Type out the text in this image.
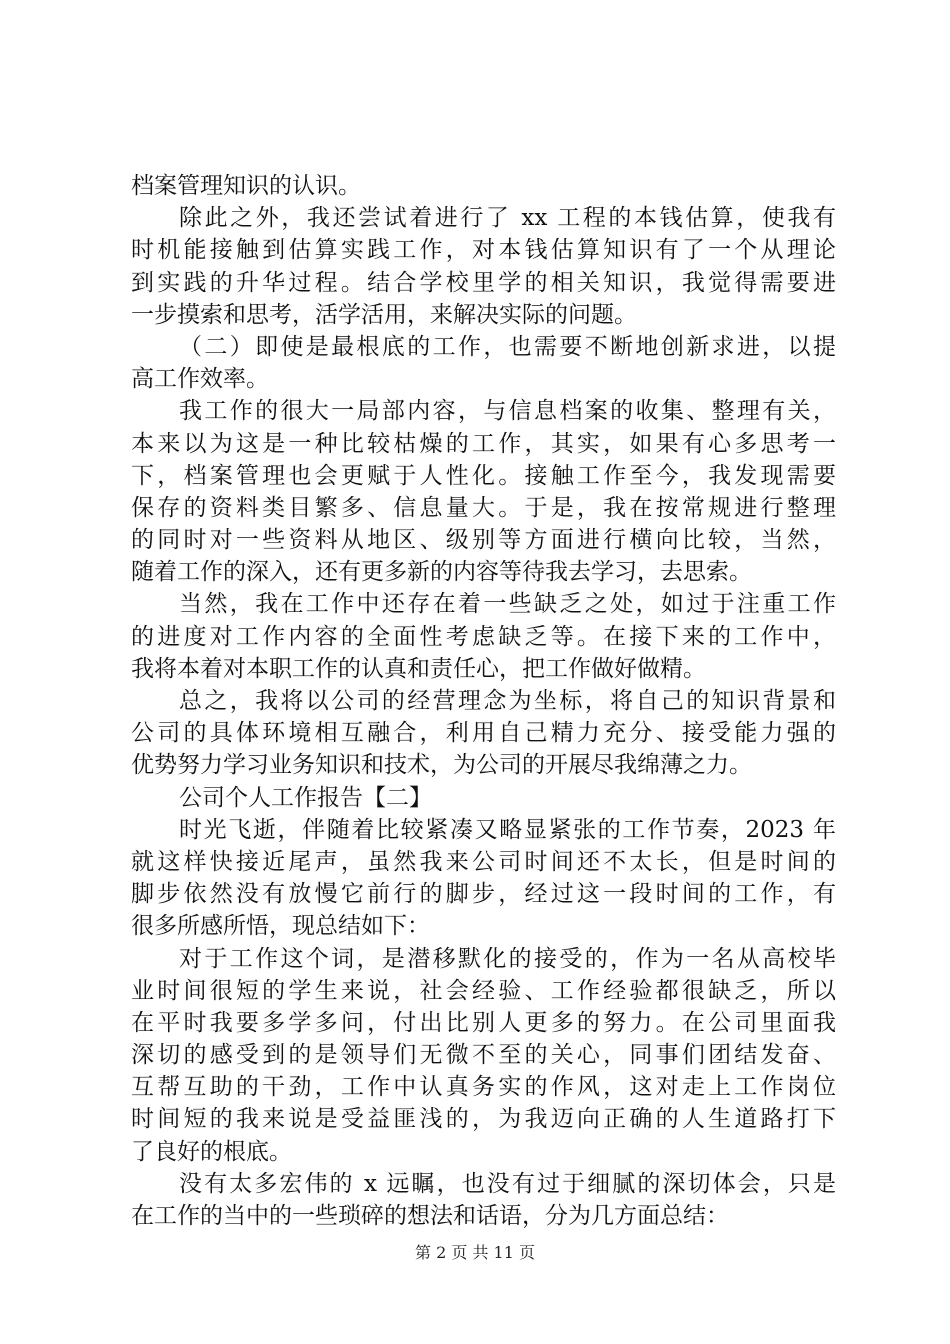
档案管理知识的认识。
除此之外，我还尝试着进行了 xx 工程的本钱估算，使我有
时机能接触到估算实践工作，对本钱估算知识有了一个从理论
到实践的升华过程。结合学校里学的相关知识，我觉得需要进
一步摸索和思考，活学活用，来解决实际的问题。
（二）即使是最根底的工作，也需要不断地创新求进，以提
高工作效率。
我工作的很大一局部内容，与信息档案的收集、整理有关，
本来以为这是一种比较枯燥的工作，其实，如果有心多思考一
下，档案管理也会更赋于人性化。接触工作至今，我发现需要
保存的资料类目繁多、信息量大。于是，我在按常规进行整理
的同时对一些资料从地区、级别等方面进行横向比较，当然，
随着工作的深入，还有更多新的内容等待我去学习，去思索。
当然，我在工作中还存在着一些缺乏之处，如过于注重工作
的进度对工作内容的全面性考虑缺乏等。在接下来的工作中，
我将本着对本职工作的认真和责任心，把工作做好做精。
总之，我将以公司的经营理念为坐标，将自己的知识背景和
公司的具体环境相互融合，利用自己精力充分、接受能力强的
优势努力学习业务知识和技术，为公司的开展尽我绵薄之力。
公司个人工作报告【二】
时光飞逝，伴随着比较紧凑又略显紧张的工作节奏，2023 年
就这样快接近尾声，虽然我来公司时间还不太长，但是时间的
脚步依然没有放慢它前行的脚步，经过这一段时间的工作，有
很多所感所悟，现总结如下：
对于工作这个词，是潜移默化的接受的，作为一名从高校毕
业时间很短的学生来说，社会经验、工作经验都很缺乏，所以
在平时我要多学多问，付出比别人更多的努力。在公司里面我
深切的感受到的是领导们无微不至的关心，同事们团结发奋、
互帮互助的干劲，工作中认真务实的作风，这对走上工作岗位
时间短的我来说是受益匪浅的，为我迈向正确的人生道路打下
了良好的根底。
没有太多宏伟的 x 远瞩，也没有过于细腻的深切体会，只是
在工作的当中的一些琐碎的想法和话语，分为几方面总结：
第 2 页 共 11 页
